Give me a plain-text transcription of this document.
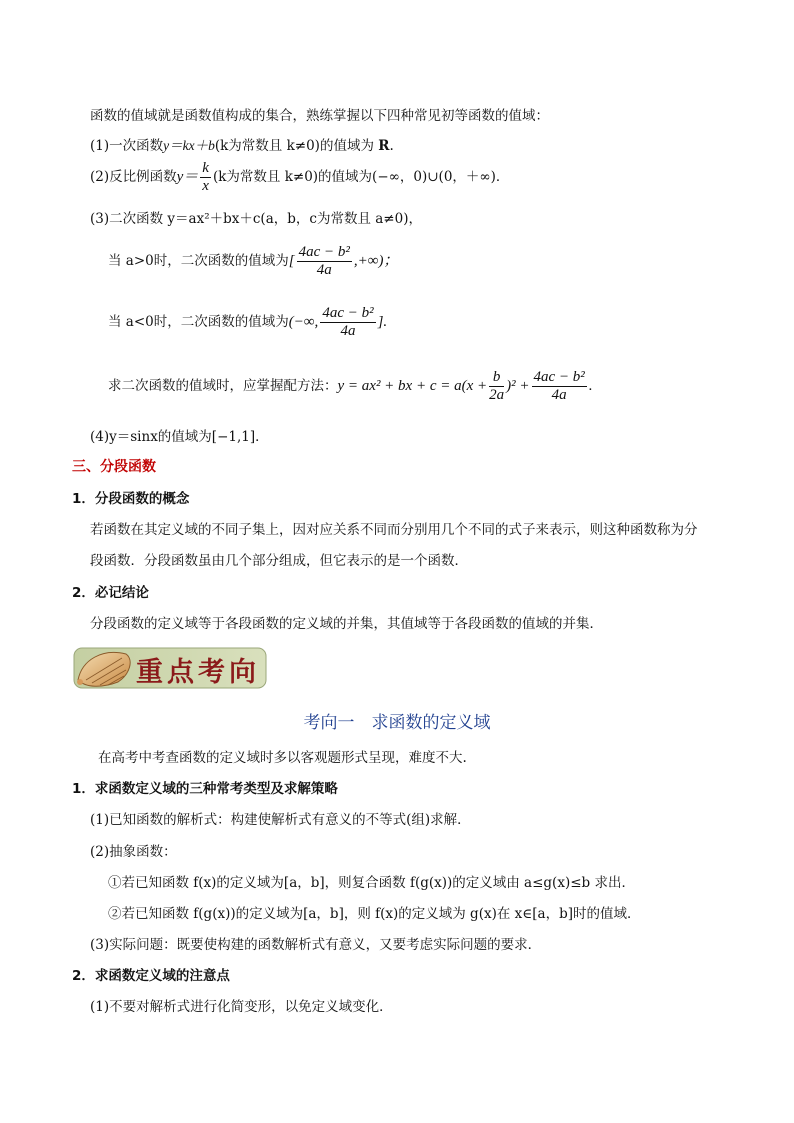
函数的值域就是函数值构成的集合，熟练掌握以下四种常见初等函数的值域：
(1)一次函数y＝kx＋b(k为常数且 k≠0)的值域为 R.
(2)反比例函数$y= \frac{k}{x} (k$为常数且 k≠0)的值域为(−∞，0)∪(0，＋∞)．
(3)二次函数 y＝ax²＋bx＋c(a，b，c为常数且 a≠0)，
当 a>0时，二次函数的值域为[ $\frac{\text{4ac − b²}}{4a}$ ,+∞)；
当 a<0时，二次函数的值域为(−∞, $\frac{\text{4ac − b²}}{4a}$ ].
求二次函数的值域时，应掌握配方法：y = ax² + bx + $c = a(x + \frac{b}{2a} )^2 + \frac{\text{4ac − b²}}{4a}$ .
(4)y＝sinx的值域为[−1,1]．
三、分段函数
1．分段函数的概念
若函数在其定义域的不同子集上，因对应关系不同而分别用几个不同的式子来表示，则这种函数称为分
段函数．分段函数虽由几个部分组成，但它表示的是一个函数．
2．必记结论
分段函数的定义域等于各段函数的定义域的并集，其值域等于各段函数的值域的并集．
重点考向
考向一　求函数的定义域
在高考中考查函数的定义域时多以客观题形式呈现，难度不大.
1．求函数定义域的三种常考类型及求解策略
(1)已知函数的解析式：构建使解析式有意义的不等式(组)求解．
(2)抽象函数：
①若已知函数 f(x)的定义域为[a，b]，则复合函数 f(g(x))的定义域由 a≤g(x)≤b 求出．
②若已知函数 f(g(x))的定义域为[a，b]，则 f(x)的定义域为 g(x)在 x∈[a，b]时的值域．
(3)实际问题：既要使构建的函数解析式有意义，又要考虑实际问题的要求．
2．求函数定义域的注意点
(1)不要对解析式进行化简变形，以免定义域变化．
